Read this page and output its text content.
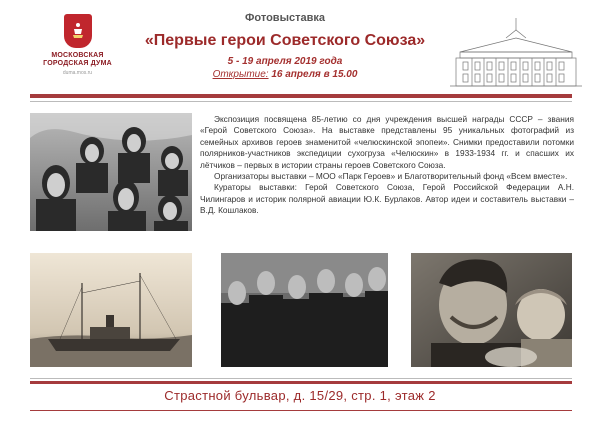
МОСКОВСКАЯ
ГОРОДСКАЯ ДУМА
duma.mos.ru
Фотовыставка
«Первые герои Советского Союза»
5 - 19 апреля 2019 года
Открытие: 16 апреля в 15.00

Экспозиция посвящена 85-летию со дня учреждения высшей награды СССР – звания «Герой Советского Союза». На выставке представлены 95 уникальных фотографий из семейных архивов героев знаменитой «челюскинской эпопеи». Снимки предоставили потомки полярников-участников экспедиции сухогруза «Челюскин» в 1933-1934 гг. и спасших их лётчиков – первых в истории страны героев Советского Союза.

Организаторы выставки – МОО «Парк Героев» и Благотворительный фонд «Всем вместе».

Кураторы выставки: Герой Советского Союза, Герой Российской Федерации А.Н. Чилингаров и историк полярной авиации Ю.К. Бурлаков. Автор идеи и составитель выставки – В.Д. Кошлаков.

Страстной бульвар, д. 15/29, стр. 1, этаж 2
